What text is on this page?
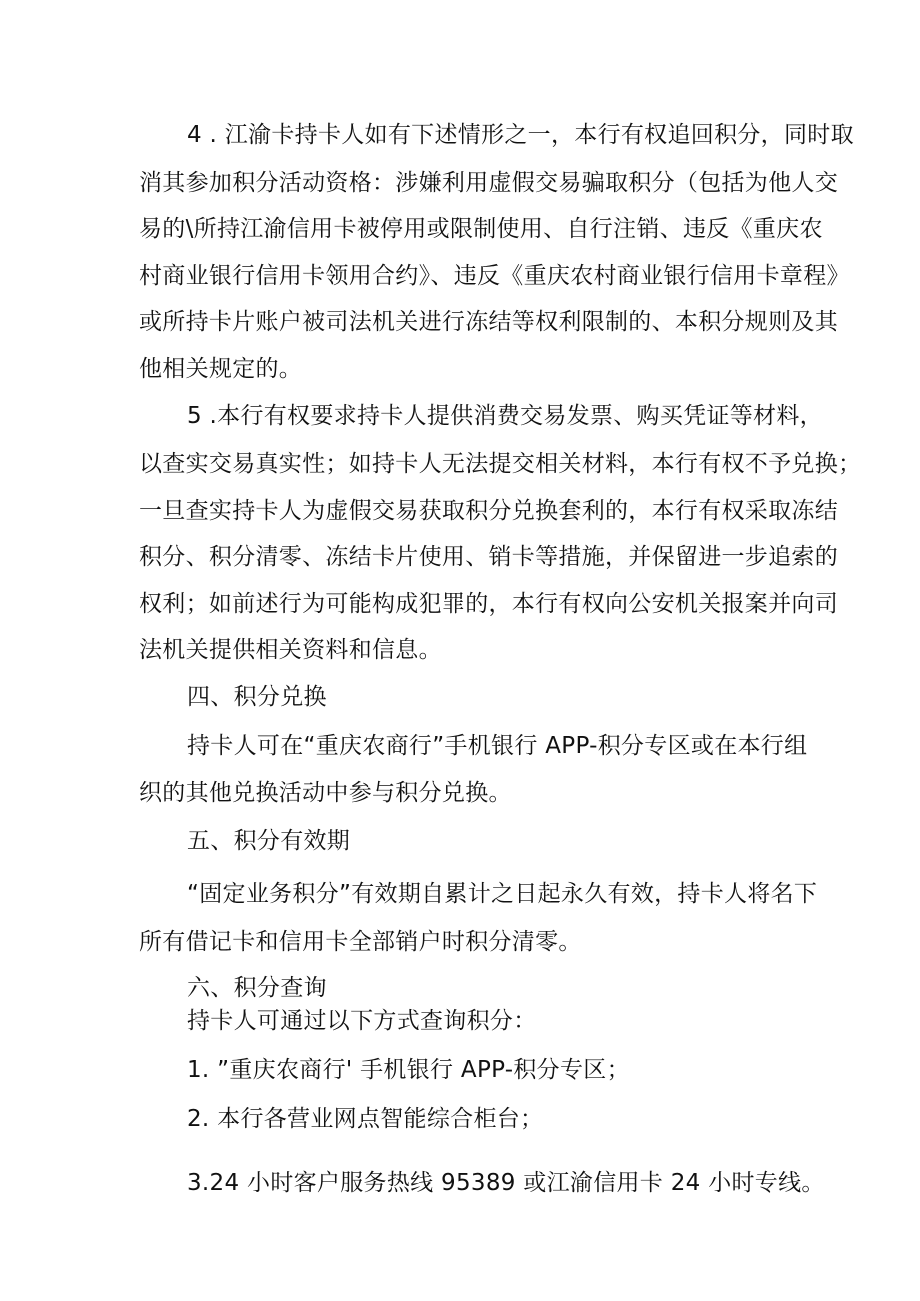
4 . 江渝卡持卡人如有下述情形之一，本行有权追回积分，同时取
消其参加积分活动资格：涉嫌利用虚假交易骗取积分（包括为他人交
易的\所持江渝信用卡被停用或限制使用、自行注销、违反《重庆农
村商业银行信用卡领用合约》、违反《重庆农村商业银行信用卡章程》
或所持卡片账户被司法机关进行冻结等权利限制的、本积分规则及其
他相关规定的。
5 .本行有权要求持卡人提供消费交易发票、购买凭证等材料，
以查实交易真实性；如持卡人无法提交相关材料，本行有权不予兑换；
一旦查实持卡人为虚假交易获取积分兑换套利的，本行有权采取冻结
积分、积分清零、冻结卡片使用、销卡等措施，并保留进一步追索的
权利；如前述行为可能构成犯罪的，本行有权向公安机关报案并向司
法机关提供相关资料和信息。
四、积分兑换
持卡人可在“重庆农商行”手机银行 APP-积分专区或在本行组
织的其他兑换活动中参与积分兑换。
五、积分有效期
“固定业务积分”有效期自累计之日起永久有效，持卡人将名下
所有借记卡和信用卡全部销户时积分清零。
六、积分查询
持卡人可通过以下方式查询积分：
1. ”重庆农商行' 手机银行 APP-积分专区；
2. 本行各营业网点智能综合柜台；
3.24 小时客户服务热线 95389 或江渝信用卡 24 小时专线。
